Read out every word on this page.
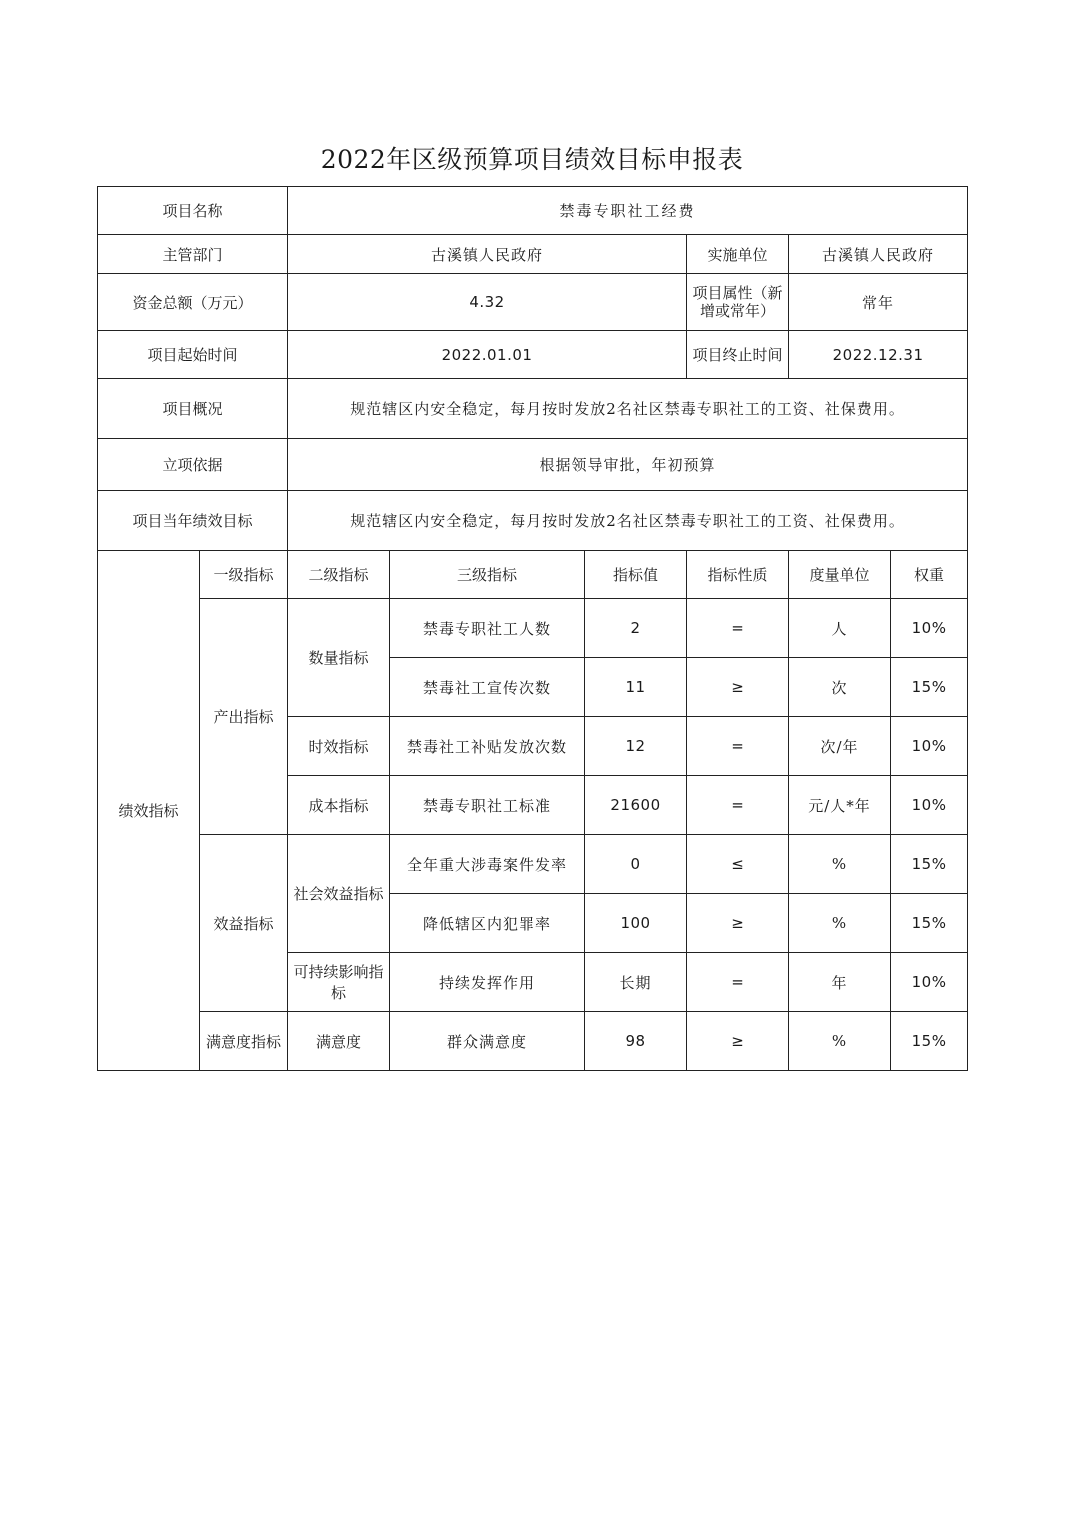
2022年区级预算项目绩效目标申报表
项目名称		禁毒专职社工经费					
主管部门		古溪镇人民政府			实施单位	古溪镇人民政府	
资金总额（万元）		4.32			项目属性（新增或常年）	常年	
项目起始时间		2022.01.01			项目终止时间	2022.12.31	
项目概况		规范辖区内安全稳定，每月按时发放2名社区禁毒专职社工的工资、社保费用。					
立项依据		根据领导审批，年初预算					
项目当年绩效目标		规范辖区内安全稳定，每月按时发放2名社区禁毒专职社工的工资、社保费用。					
绩效指标	一级指标	二级指标	三级指标	指标值	指标性质	度量单位	权重
	产出指标	数量指标	禁毒专职社工人数	2	=	人	10%
			禁毒社工宣传次数	11	≥	次	15%
		时效指标	禁毒社工补贴发放次数	12	=	次/年	10%
		成本指标	禁毒专职社工标准	21600	=	元/人*年	10%
	效益指标	社会效益指标	全年重大涉毒案件发率	0	≤	%	15%
			降低辖区内犯罪率	100	≥	%	15%
		可持续影响指标	持续发挥作用	长期	=	年	10%
	满意度指标	满意度	群众满意度	98	≥	%	15%
